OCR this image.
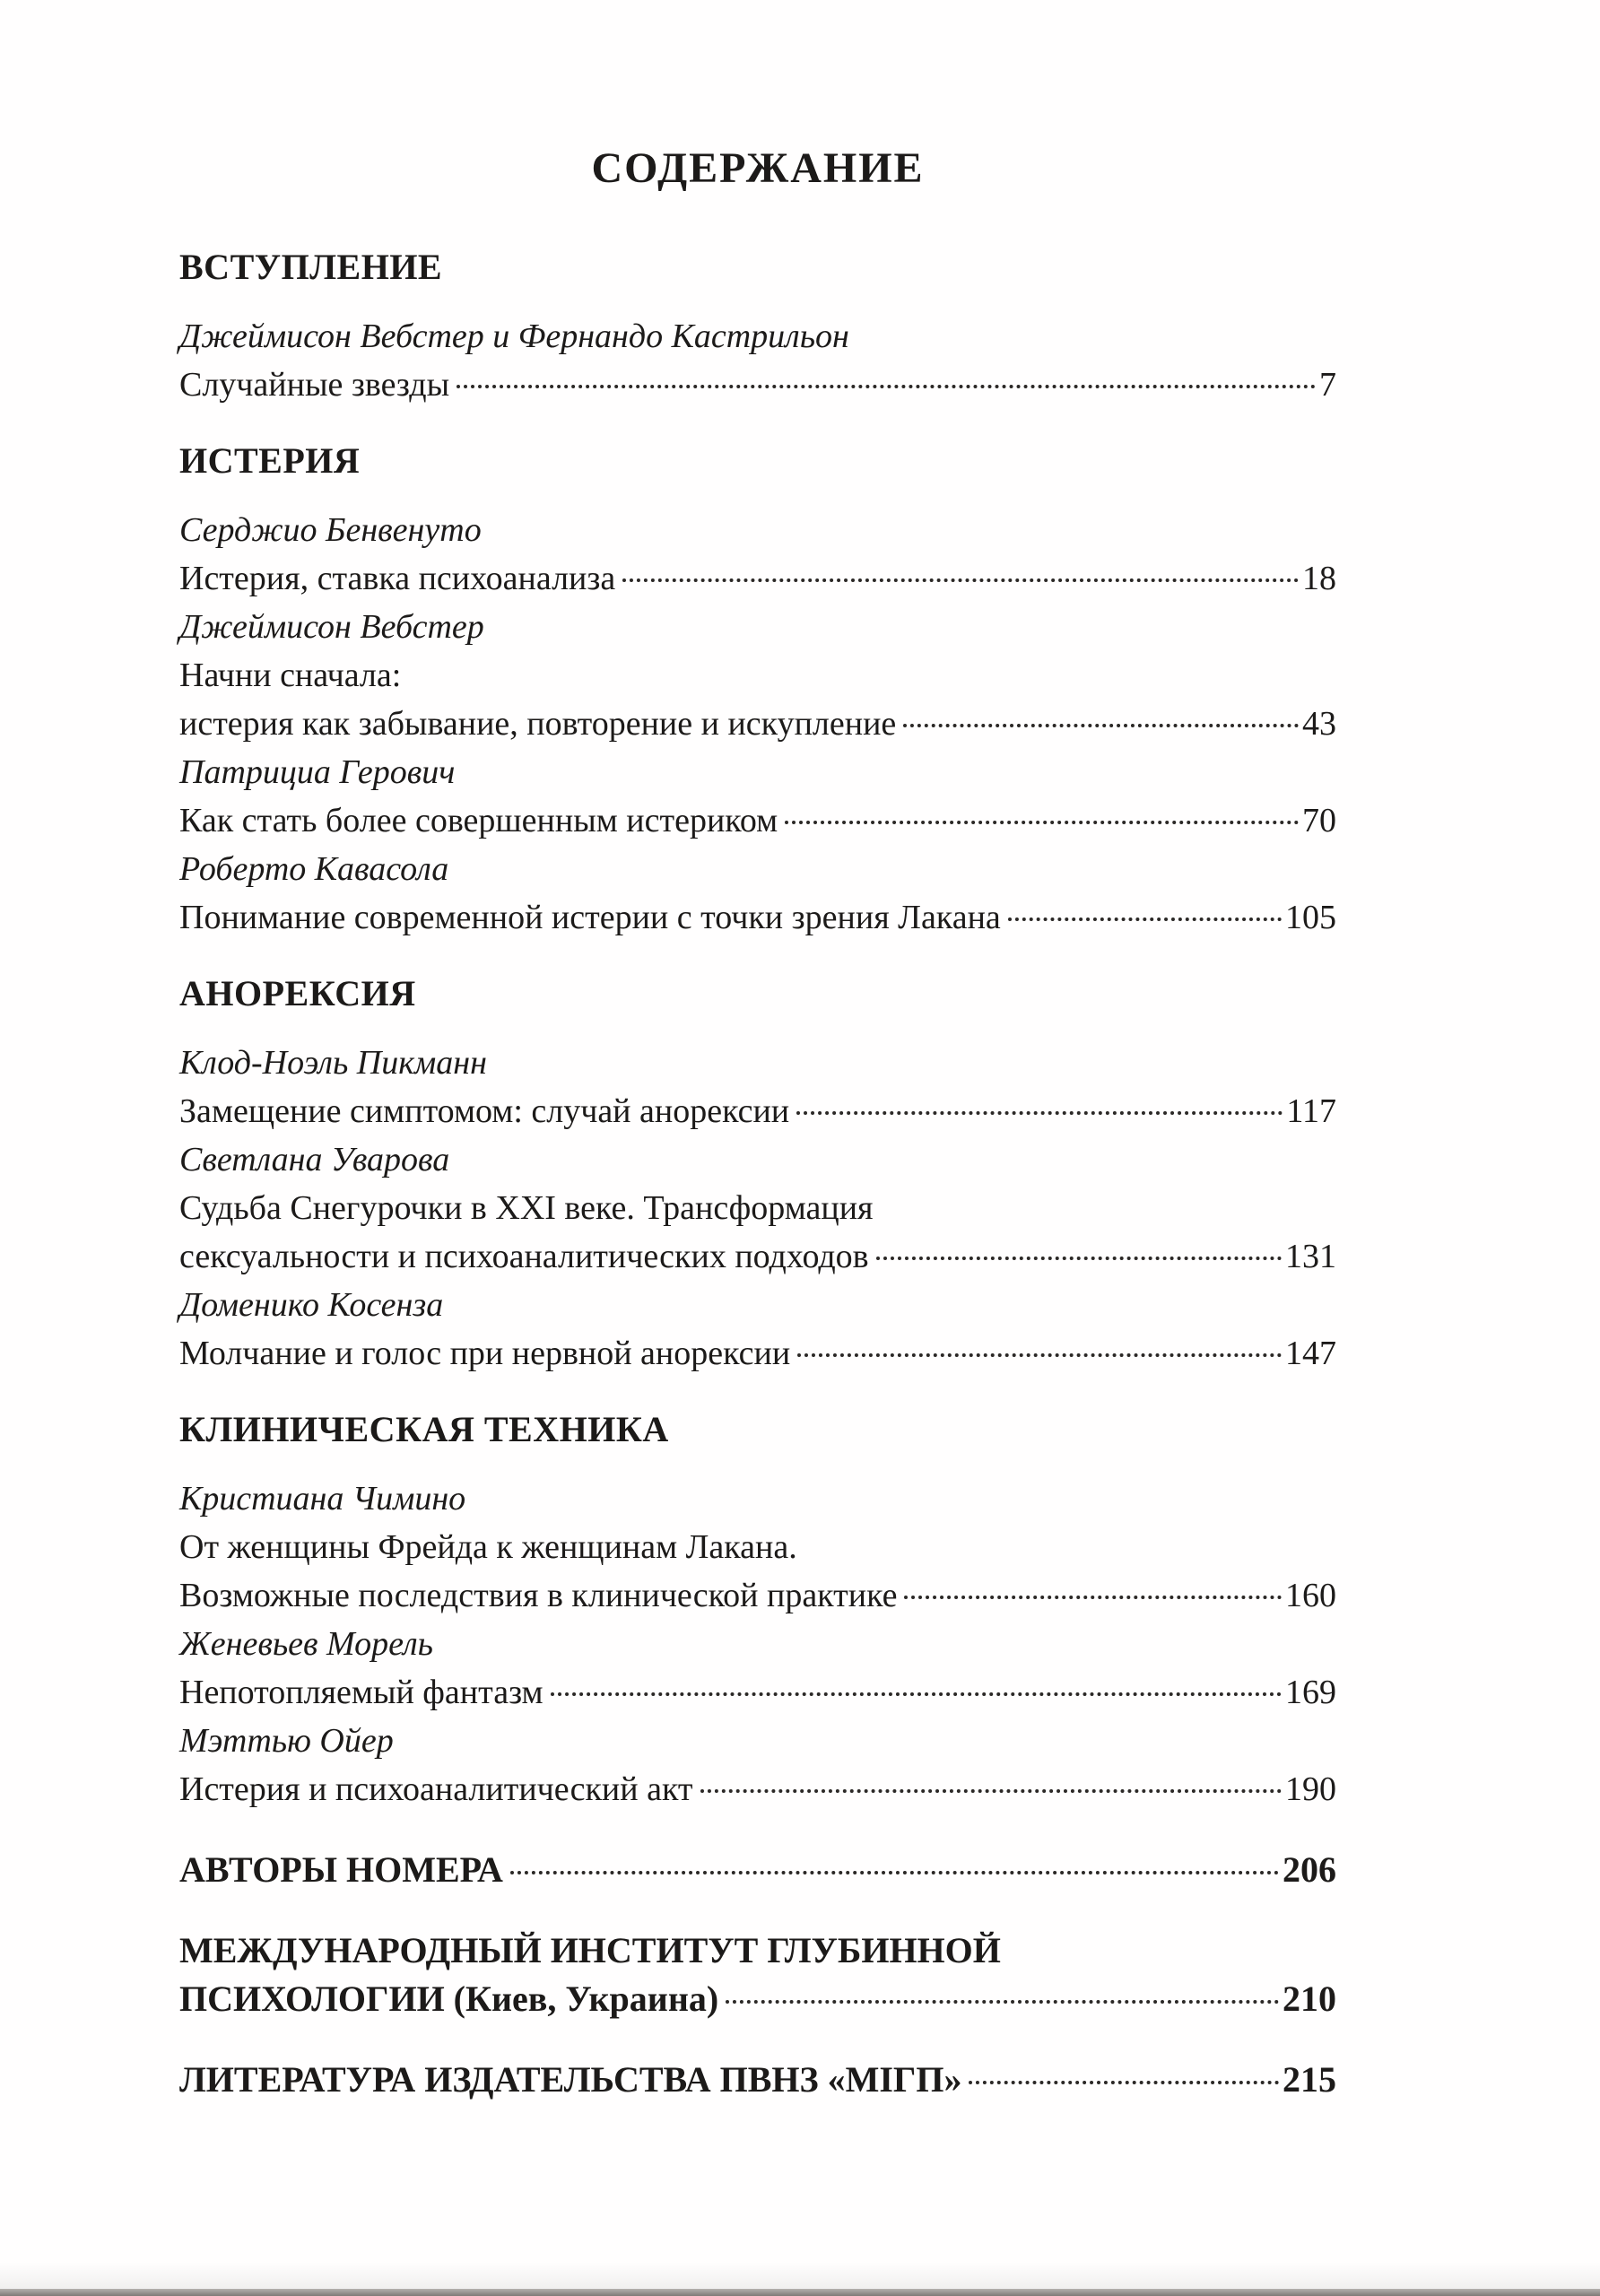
СОДЕРЖАНИЕ
ВСТУПЛЕНИЕ
Джеймисон Вебстер и Фернандо Кастрильон
Случайные звезды	7
ИСТЕРИЯ
Серджио Бенвенуто
Истерия, ставка психоанализа	18
Джеймисон Вебстер
Начни сначала:
истерия как забывание, повторение и искупление	43
Патрициа Герович
Как стать более совершенным истериком	70
Роберто Кавасола
Понимание современной истерии с точки зрения Лакана	105
АНОРЕКСИЯ
Клод-Ноэль Пикманн
Замещение симптомом: случай анорексии	117
Светлана Уварова
Судьба Снегурочки в XXI веке. Трансформация
сексуальности и психоаналитических подходов	131
Доменико Косенза
Молчание и голос при нервной анорексии	147
КЛИНИЧЕСКАЯ ТЕХНИКА
Кристиана Чимино
От женщины Фрейда к женщинам Лакана.
Возможные последствия в клинической практике	160
Женевьев Морель
Непотопляемый фантазм	169
Мэттью Ойер
Истерия и психоаналитический акт	190
АВТОРЫ НОМЕРА	206
МЕЖДУНАРОДНЫЙ ИНСТИТУТ ГЛУБИННОЙ
ПСИХОЛОГИИ (Киев, Украина)	210
ЛИТЕРАТУРА ИЗДАТЕЛЬСТВА ПВНЗ «МІГП»	215
